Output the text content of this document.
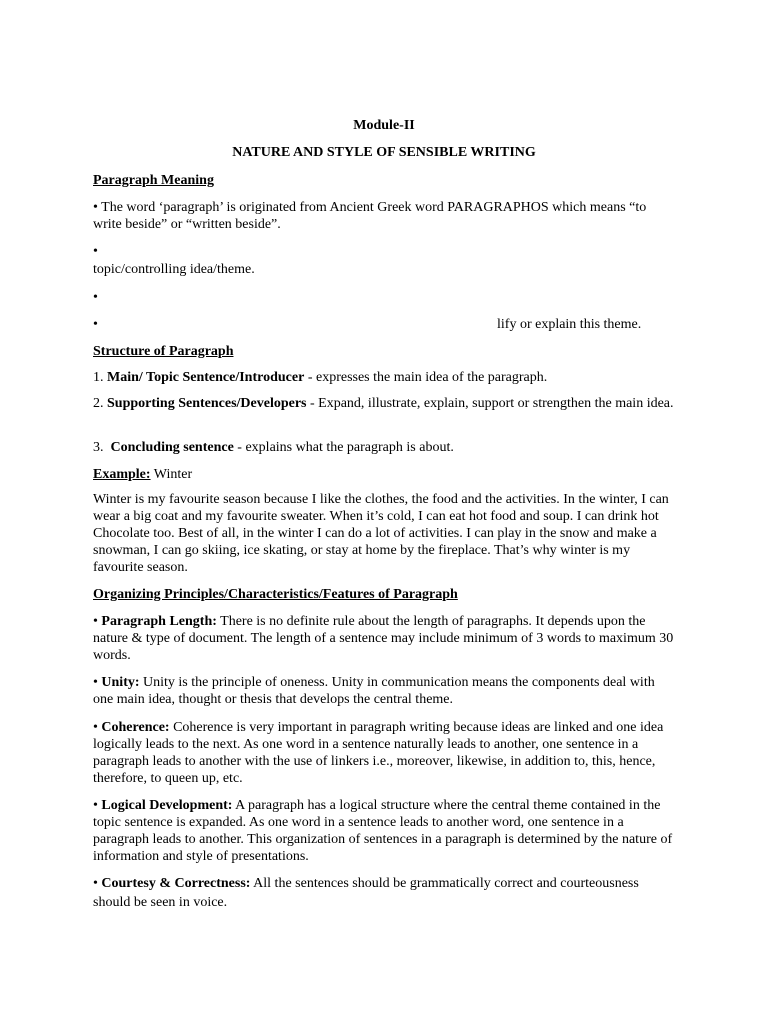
Module-II

NATURE AND STYLE OF SENSIBLE WRITING

Paragraph Meaning

• The word ‘paragraph’ is originated from Ancient Greek word PARAGRAPHOS which means “to write beside” or “written beside”.

•

topic/controlling idea/theme.

•

•	lify or explain this theme.

Structure of Paragraph

1. Main/ Topic Sentence/Introducer - expresses the main idea of the paragraph.

2. Supporting Sentences/Developers - Expand, illustrate, explain, support or strengthen the main idea.

3. Concluding sentence - explains what the paragraph is about.

Example: Winter

Winter is my favourite season because I like the clothes, the food and the activities. In the winter, I can wear a big coat and my favourite sweater. When it’s cold, I can eat hot food and soup. I can drink hot Chocolate too. Best of all, in the winter I can do a lot of activities. I can play in the snow and make a snowman, I can go skiing, ice skating, or stay at home by the fireplace. That’s why winter is my favourite season.

Organizing Principles/Characteristics/Features of Paragraph

• Paragraph Length: There is no definite rule about the length of paragraphs. It depends upon the nature & type of document. The length of a sentence may include minimum of 3 words to maximum 30 words.

• Unity: Unity is the principle of oneness. Unity in communication means the components deal with one main idea, thought or thesis that develops the central theme.

• Coherence: Coherence is very important in paragraph writing because ideas are linked and one idea logically leads to the next. As one word in a sentence naturally leads to another, one sentence in a paragraph leads to another with the use of linkers i.e., moreover, likewise, in addition to, this, hence, therefore, to queen up, etc.

• Logical Development: A paragraph has a logical structure where the central theme contained in the topic sentence is expanded. As one word in a sentence leads to another word, one sentence in a paragraph leads to another. This organization of sentences in a paragraph is determined by the nature of information and style of presentations.

• Courtesy & Correctness: All the sentences should be grammatically correct and courteousness should be seen in voice.
